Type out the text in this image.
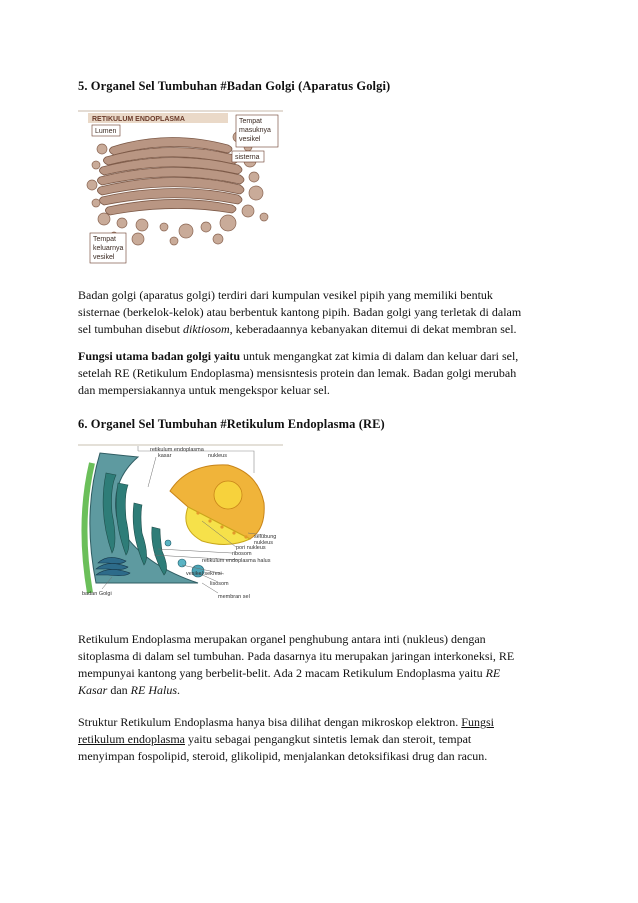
5. Organel Sel Tumbuhan #Badan Golgi (Aparatus Golgi)
RETIKULUM ENDOPLASMA
Lumen
Tempat
masuknya
vesikel
sisterna
Tempat
keluarnya
vesikel
Badan golgi (aparatus golgi) terdiri dari kumpulan vesikel pipih yang memiliki bentuk
sisternae (berkelok-kelok) atau berbentuk kantong pipih. Badan golgi yang terletak di dalam
sel tumbuhan disebut diktiosom, keberadaannya kebanyakan ditemui di dekat membran sel.
Fungsi utama badan golgi yaitu untuk mengangkat zat kimia di dalam dan keluar dari sel,
setelah RE (Retikulum Endoplasma) mensisntesis protein dan lemak. Badan golgi merubah
dan mempersiakannya untuk mengekspor keluar sel.
6. Organel Sel Tumbuhan #Retikulum Endoplasma (RE)
retikulum endoplasma
kasar	nukleus
selubung
nukleus
pori nukleus
ribosom
retikulum endoplasma halus
vesikel sekresi
lisosom
badan Golgi	membran sel
Retikulum Endoplasma merupakan organel penghubung antara inti (nukleus) dengan
sitoplasma di dalam sel tumbuhan. Pada dasarnya itu merupakan jaringan interkoneksi, RE
mempunyai kantong yang berbelit-belit. Ada 2 macam Retikulum Endoplasma yaitu RE
Kasar dan RE Halus.
Struktur Retikulum Endoplasma hanya bisa dilihat dengan mikroskop elektron. Fungsi
retikulum endoplasma yaitu sebagai pengangkut sintetis lemak dan steroit, tempat
menyimpan fospolipid, steroid, glikolipid, menjalankan detoksifikasi drug dan racun.
